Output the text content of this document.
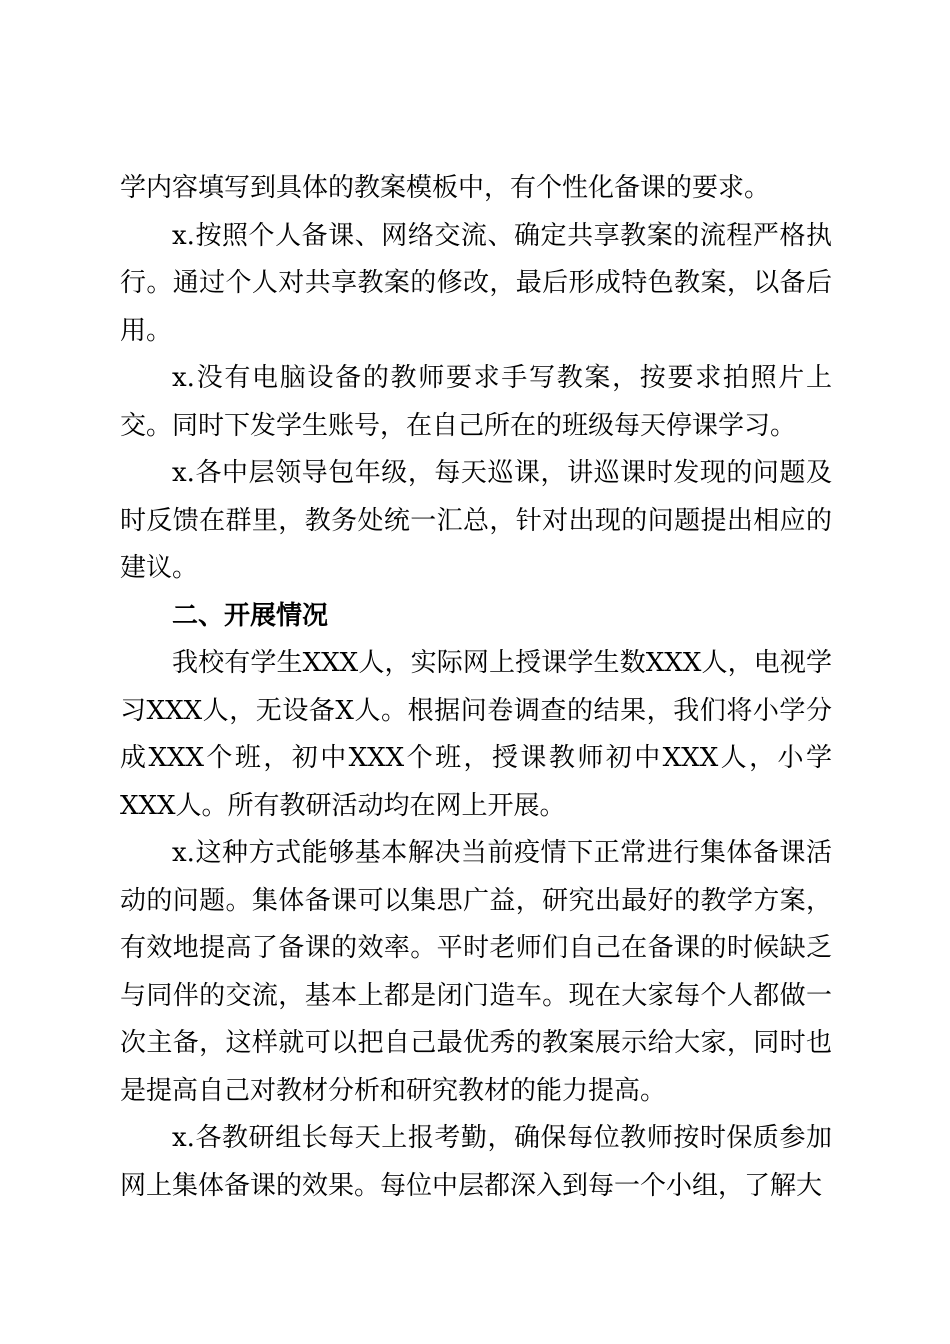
学内容填写到具体的教案模板中，有个性化备课的要求。

x.按照个人备课、网络交流、确定共享教案的流程严格执行。通过个人对共享教案的修改，最后形成特色教案，以备后用。

x.没有电脑设备的教师要求手写教案，按要求拍照片上交。同时下发学生账号，在自己所在的班级每天停课学习。

x.各中层领导包年级，每天巡课，讲巡课时发现的问题及时反馈在群里，教务处统一汇总，针对出现的问题提出相应的建议。

二、开展情况

我校有学生XXX人，实际网上授课学生数XXX人，电视学习XXX人，无设备X人。根据问卷调查的结果，我们将小学分成XXX个班，初中XXX个班，授课教师初中XXX人，小学XXX人。所有教研活动均在网上开展。

x.这种方式能够基本解决当前疫情下正常进行集体备课活动的问题。集体备课可以集思广益，研究出最好的教学方案，有效地提高了备课的效率。平时老师们自己在备课的时候缺乏与同伴的交流，基本上都是闭门造车。现在大家每个人都做一次主备，这样就可以把自己最优秀的教案展示给大家，同时也是提高自己对教材分析和研究教材的能力提高。

x.各教研组长每天上报考勤，确保每位教师按时保质参加网上集体备课的效果。每位中层都深入到每一个小组，了解大
